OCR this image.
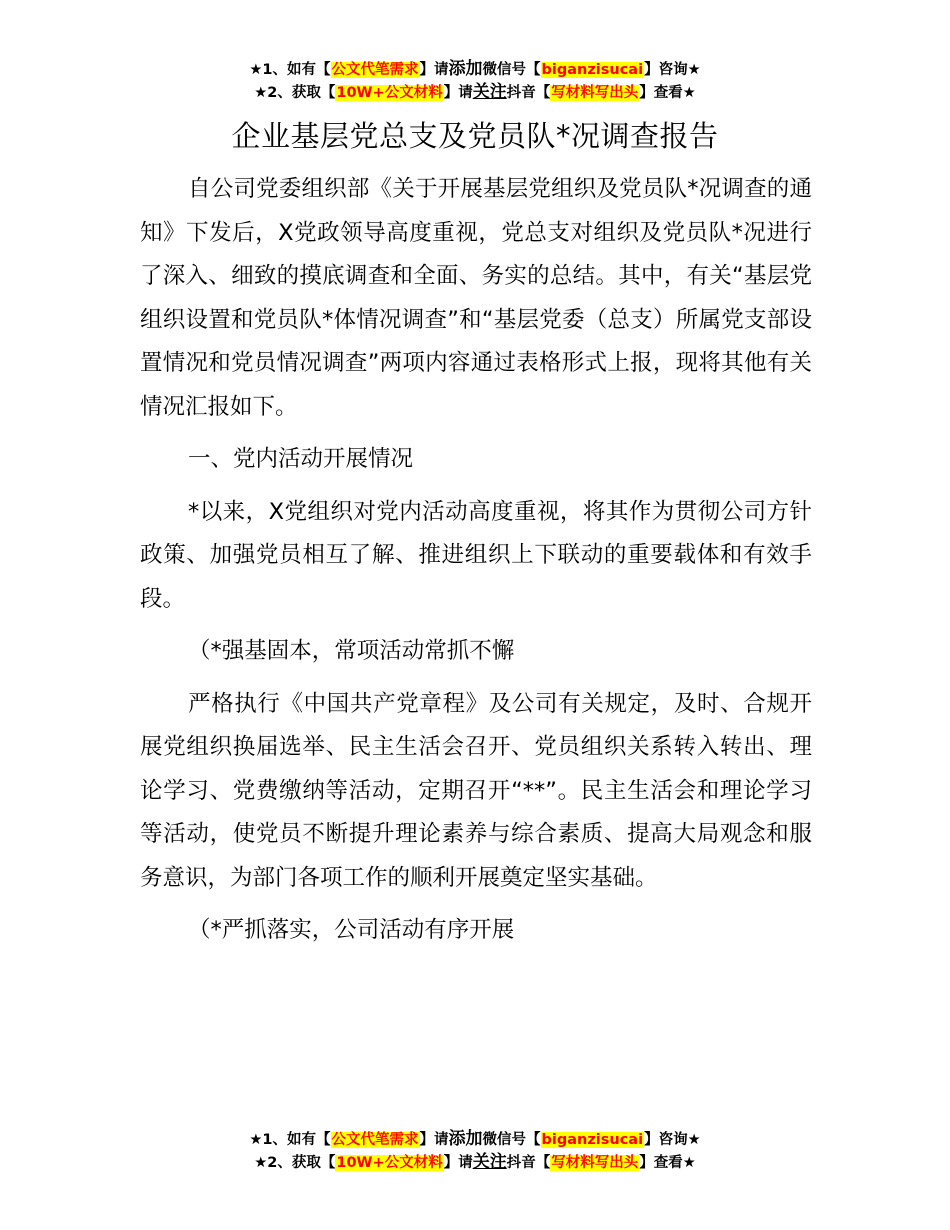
★1、如有【公文代笔需求】请添加微信号【biganzisucai】咨询★
★2、获取【10W+公文材料】请关注抖音【写材料写出头】查看★
企业基层党总支及党员队*况调查报告

自公司党委组织部《关于开展基层党组织及党员队*况调查的通知》下发后，X党政领导高度重视，党总支对组织及党员队*况进行了深入、细致的摸底调查和全面、务实的总结。其中，有关“基层党组织设置和党员队*体情况调查”和“基层党委（总支）所属党支部设置情况和党员情况调查”两项内容通过表格形式上报，现将其他有关情况汇报如下。

一、党内活动开展情况

*以来，X党组织对党内活动高度重视，将其作为贯彻公司方针政策、加强党员相互了解、推进组织上下联动的重要载体和有效手段。

（*强基固本，常项活动常抓不懈

严格执行《中国共产党章程》及公司有关规定，及时、合规开展党组织换届选举、民主生活会召开、党员组织关系转入转出、理论学习、党费缴纳等活动，定期召开“**”。民主生活会和理论学习等活动，使党员不断提升理论素养与综合素质、提高大局观念和服务意识，为部门各项工作的顺利开展奠定坚实基础。

（*严抓落实，公司活动有序开展

★1、如有【公文代笔需求】请添加微信号【biganzisucai】咨询★
★2、获取【10W+公文材料】请关注抖音【写材料写出头】查看★
